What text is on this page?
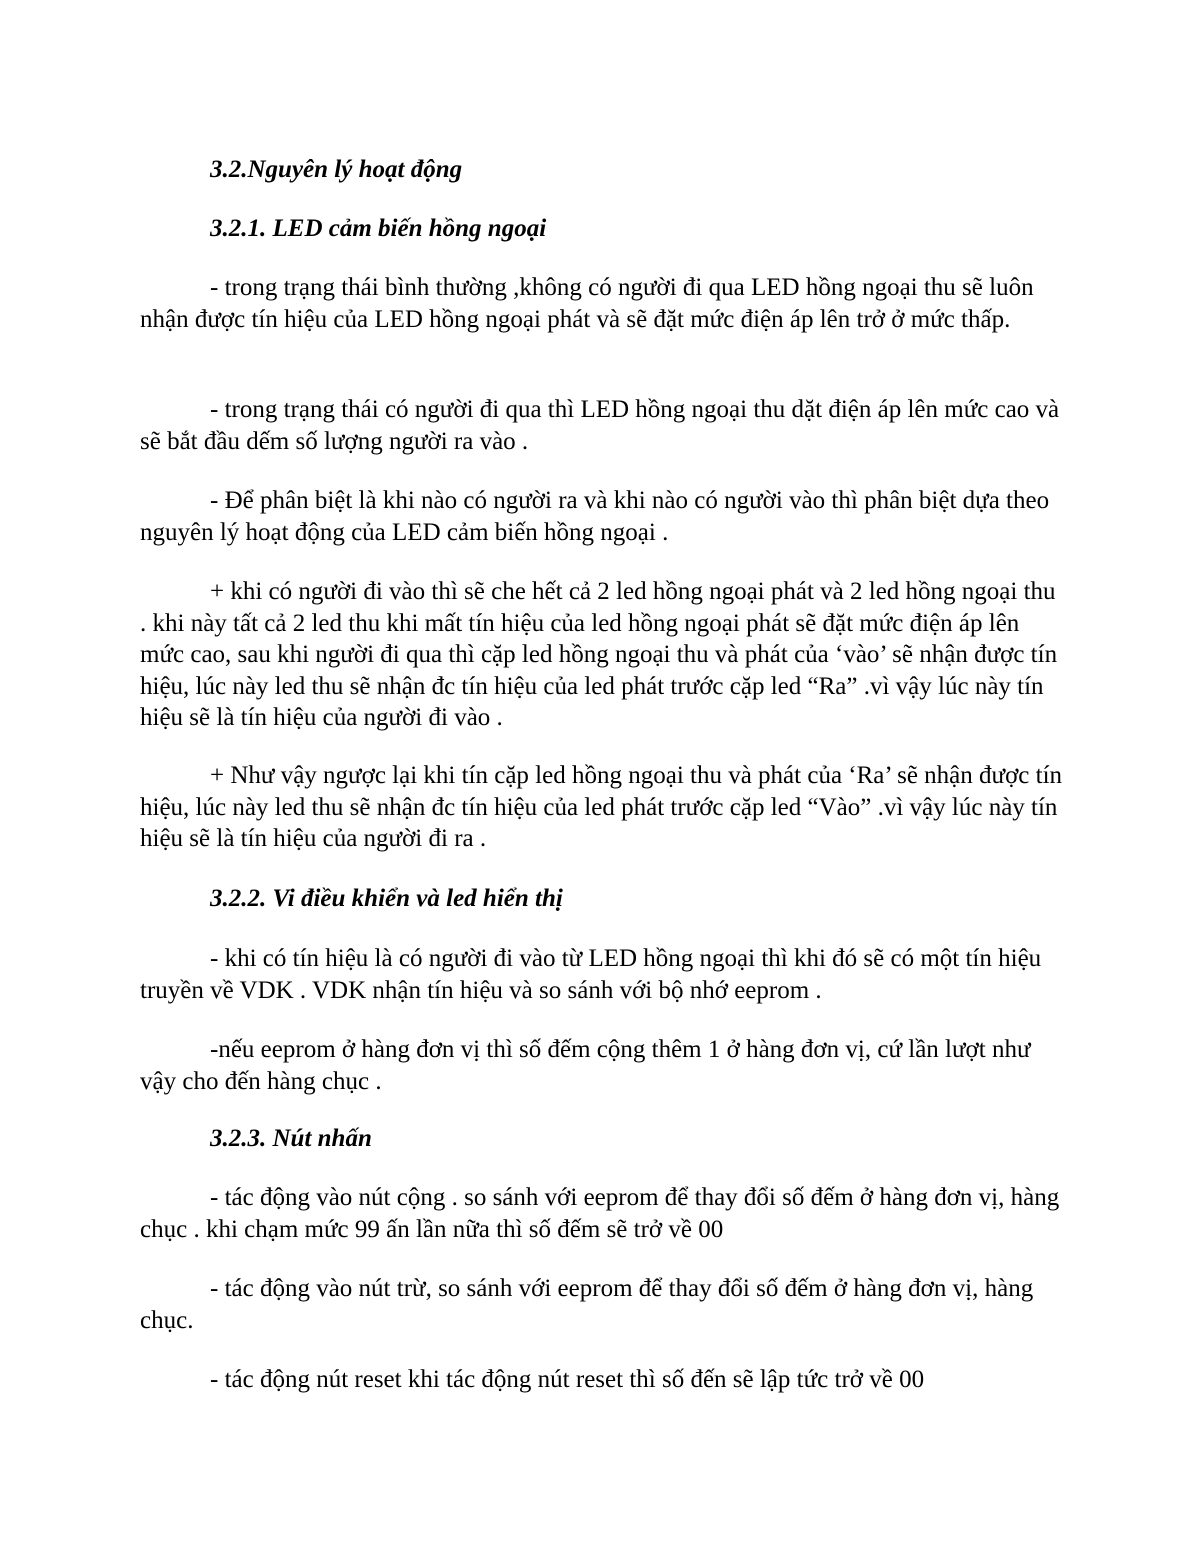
3.2.Nguyên lý hoạt động
3.2.1. LED cảm biến hồng ngoại
- trong trạng thái bình thường ,không có người đi qua LED hồng ngoại thu sẽ luôn nhận được tín hiệu của LED hồng ngoại phát và sẽ đặt mức điện áp lên trở ở mức thấp.
- trong trạng thái có người đi qua thì LED hồng ngoại thu dặt điện áp lên mức cao và sẽ bắt đầu dếm số lượng người ra vào .
- Để phân biệt là khi nào có người ra và khi nào có người vào thì phân biệt dựa theo nguyên lý hoạt động của LED cảm biến hồng ngoại .
+ khi có người đi vào thì sẽ che hết cả 2 led hồng ngoại phát và 2 led hồng ngoại thu . khi này tất cả 2 led thu khi mất tín hiệu của led hồng ngoại phát sẽ đặt mức điện áp lên mức cao, sau khi người đi qua thì cặp led hồng ngoại thu và phát của ‘vào’ sẽ nhận được tín hiệu, lúc này led thu sẽ nhận đc tín hiệu của led phát trước cặp led “Ra” .vì vậy lúc này tín hiệu sẽ là tín hiệu của người đi vào .
+ Như vậy ngược lại khi tín cặp led hồng ngoại thu và phát của ‘Ra’ sẽ nhận được tín hiệu, lúc này led thu sẽ nhận đc tín hiệu của led phát trước cặp led “Vào” .vì vậy lúc này tín hiệu sẽ là tín hiệu của người đi ra .
3.2.2. Vi điều khiển và led hiển thị
- khi có tín hiệu là có người đi vào từ LED hồng ngoại thì khi đó sẽ có một tín hiệu truyền về VDK . VDK nhận tín hiệu và so sánh với bộ nhớ eeprom .
-nếu eeprom ở hàng đơn vị thì số đếm cộng thêm 1 ở hàng đơn vị, cứ lần lượt như vậy cho đến hàng chục .
3.2.3. Nút nhấn
- tác động vào nút cộng . so sánh với eeprom để thay đổi số đếm ở hàng đơn vị, hàng chục . khi chạm mức 99 ấn lần nữa thì số đếm sẽ trở về 00
- tác động vào nút trừ, so sánh với eeprom để thay đổi số đếm ở hàng đơn vị, hàng chục.
- tác động nút reset khi tác động nút reset thì số đến sẽ lập tức trở về 00
